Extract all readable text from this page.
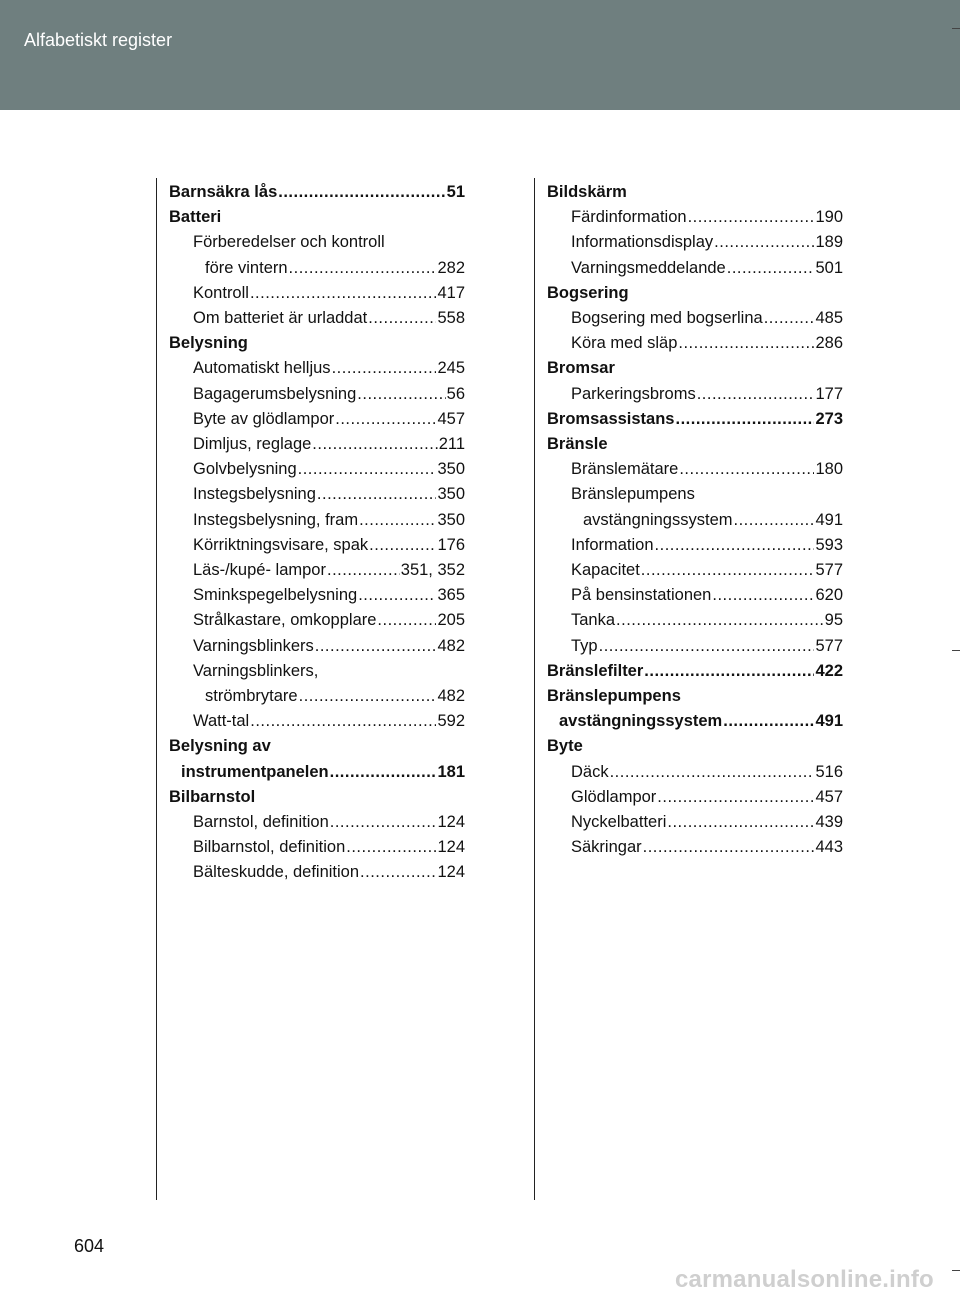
Alfabetiskt register
Barnsäkra lås .....	51
Batteri
Förberedelser och kontroll
före vintern .....	282
Kontroll .....	417
Om batteriet är urladdat .....	558
Belysning
Automatiskt helljus .....	245
Bagagerumsbelysning .....	56
Byte av glödlampor .....	457
Dimljus, reglage .....	211
Golvbelysning .....	350
Instegsbelysning .....	350
Instegsbelysning, fram .....	350
Körriktningsvisare, spak .....	176
Läs-/kupé- lampor .....	351, 352
Sminkspegelbelysning .....	365
Strålkastare, omkopplare .....	205
Varningsblinkers .....	482
Varningsblinkers,
strömbrytare .....	482
Watt-tal .....	592
Belysning av
instrumentpanelen .....	181
Bilbarnstol
Barnstol, definition .....	124
Bilbarnstol, definition .....	124
Bälteskudde, definition .....	124
Bildskärm
Färdinformation .....	190
Informationsdisplay .....	189
Varningsmeddelande .....	501
Bogsering
Bogsering med bogserlina .....	485
Köra med släp .....	286
Bromsar
Parkeringsbroms .....	177
Bromsassistans .....	273
Bränsle
Bränslemätare .....	180
Bränslepumpens
avstängningssystem .....	491
Information .....	593
Kapacitet .....	577
På bensinstationen .....	620
Tanka .....	95
Typ .....	577
Bränslefilter .....	422
Bränslepumpens
avstängningssystem .....	491
Byte
Däck .....	516
Glödlampor .....	457
Nyckelbatteri .....	439
Säkringar .....	443
604
carmanualsonline.info
